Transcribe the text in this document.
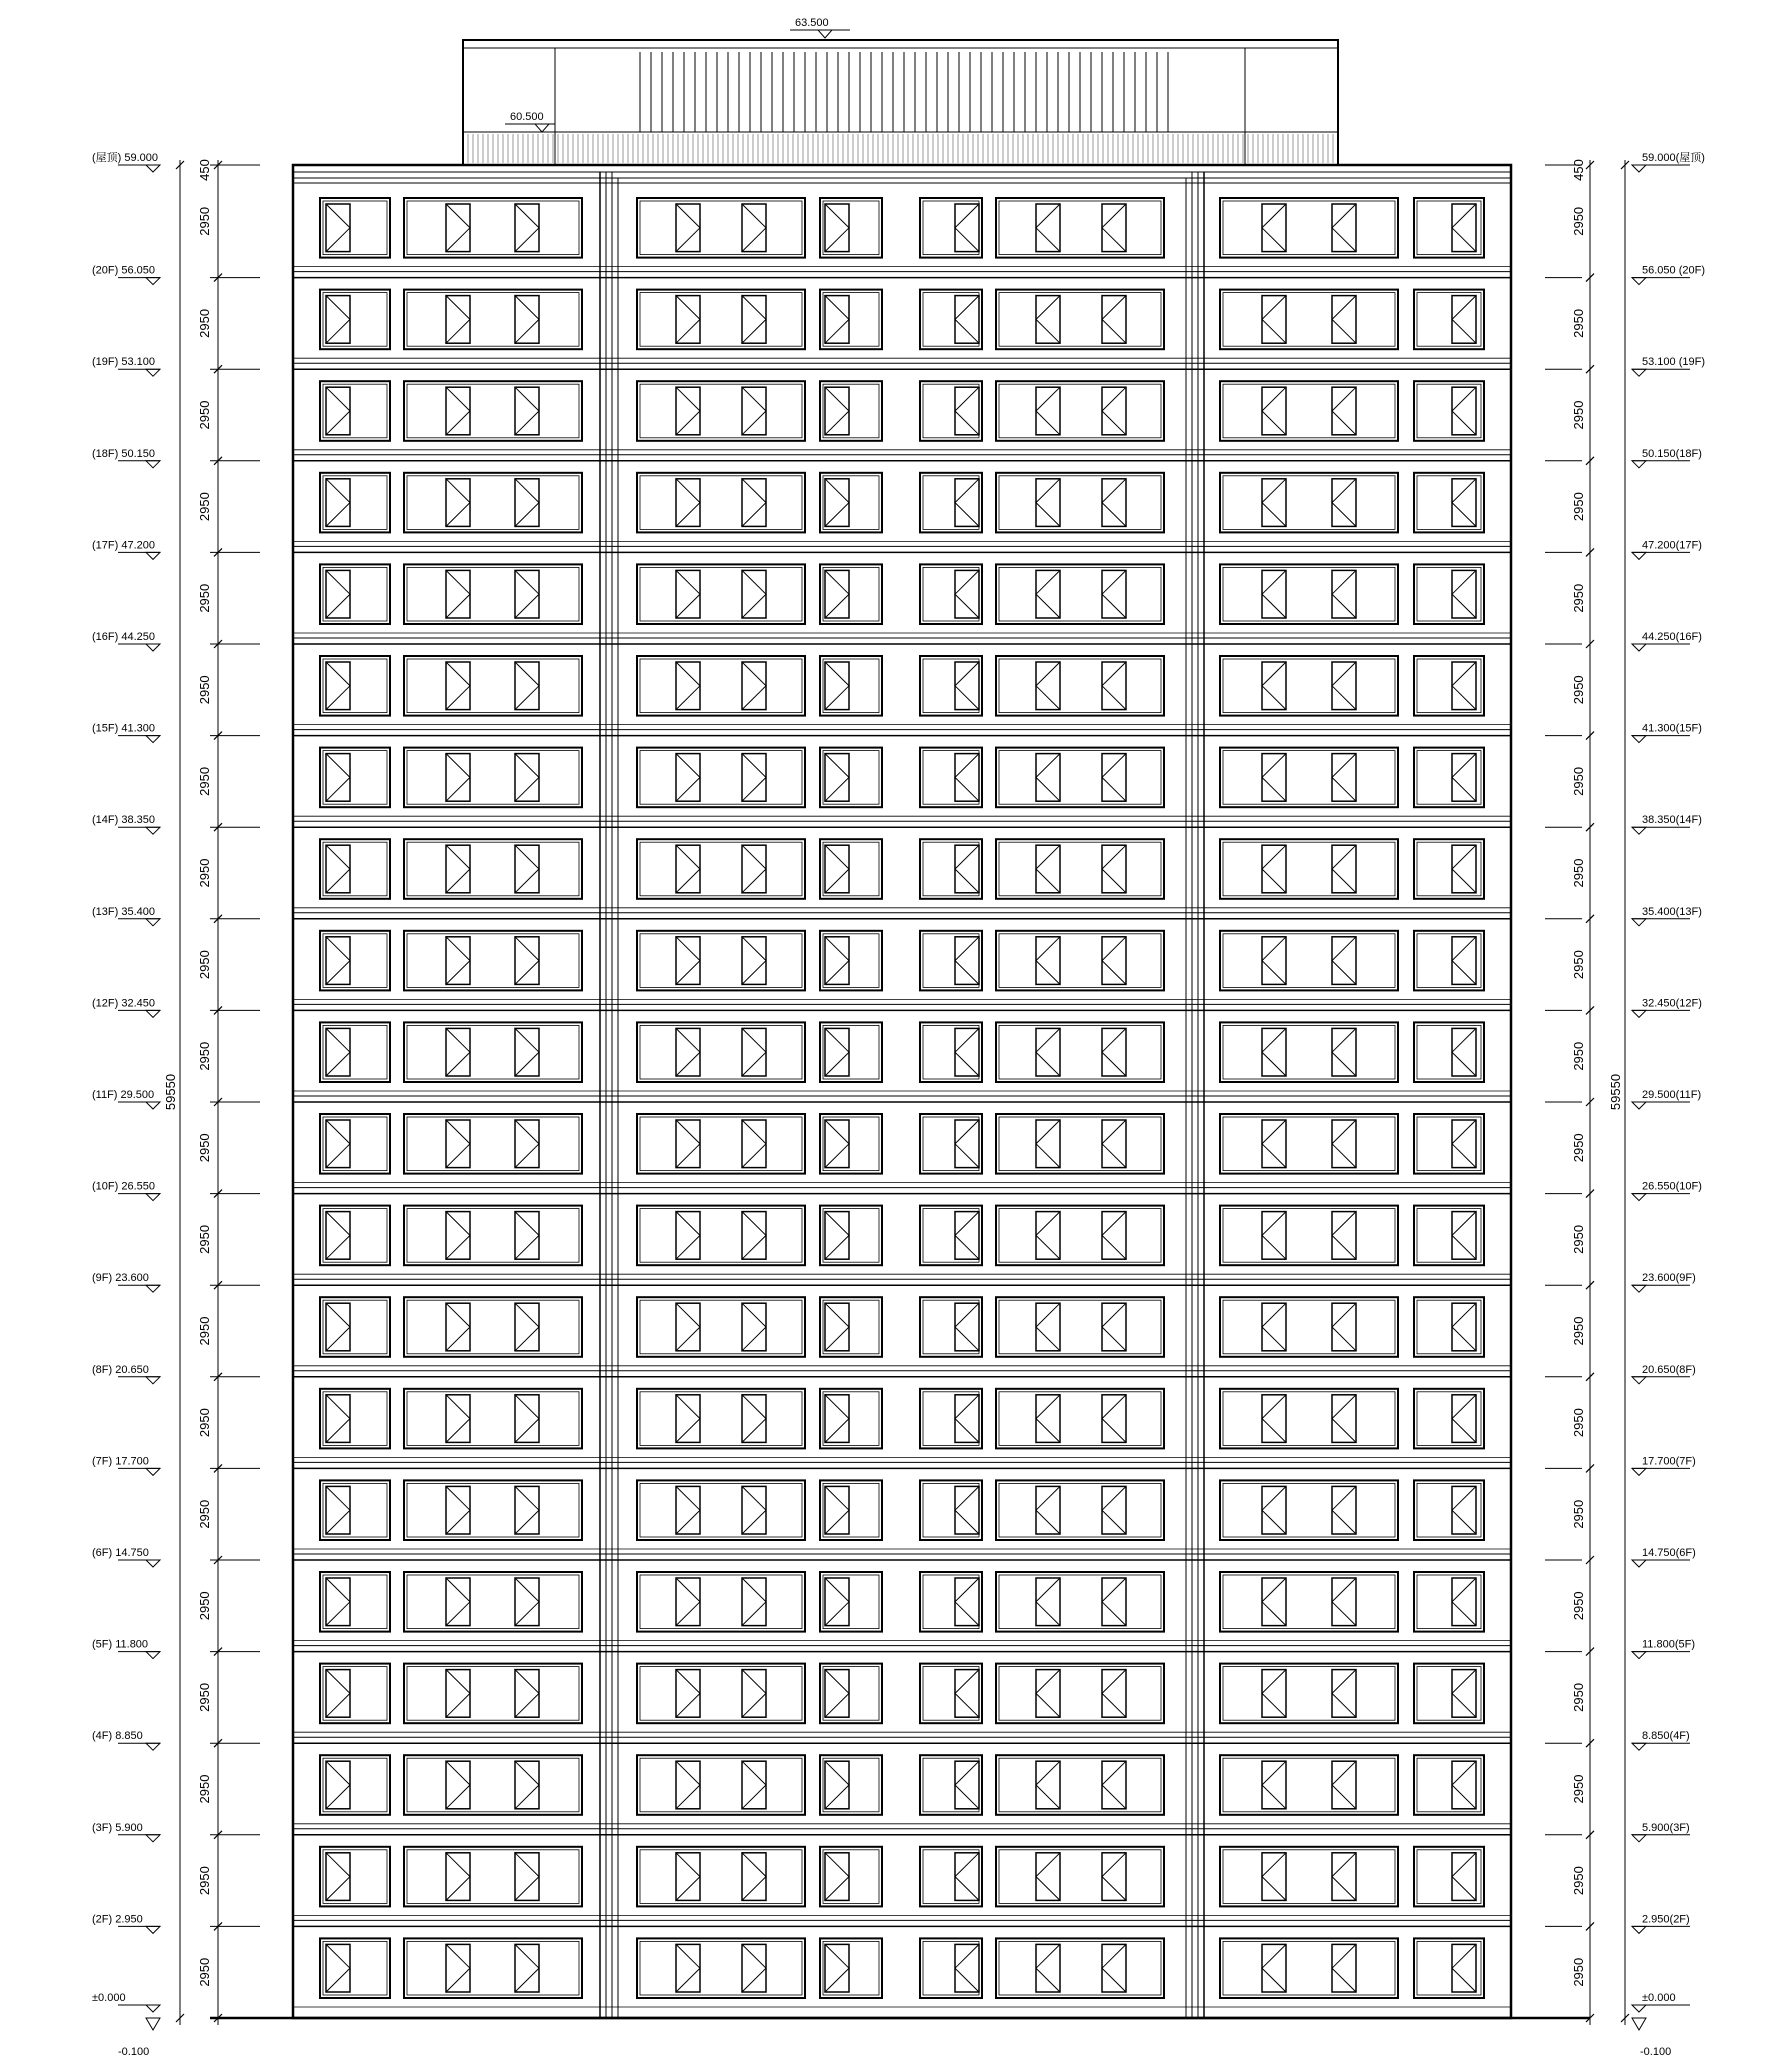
63.500
60.500
450
2950
2950
2950
2950
2950
2950
2950
2950
2950
2950
2950
2950
2950
2950
2950
2950
2950
2950
2950
2950
59550
(屋顶) 59.000
(20F) 56.050
(19F) 53.100
(18F) 50.150
(17F) 47.200
(16F) 44.250
(15F) 41.300
(14F) 38.350
(13F) 35.400
(12F) 32.450
(11F) 29.500
(10F) 26.550
(9F) 23.600
(8F) 20.650
(7F) 17.700
(6F) 14.750
(5F) 11.800
(4F) 8.850
(3F) 5.900
(2F) 2.950
±0.000
450
2950
2950
2950
2950
2950
2950
2950
2950
2950
2950
2950
2950
2950
2950
2950
2950
2950
2950
2950
2950
59550
59.000(屋顶)
56.050 (20F)
53.100 (19F)
50.150(18F)
47.200(17F)
44.250(16F)
41.300(15F)
38.350(14F)
35.400(13F)
32.450(12F)
29.500(11F)
26.550(10F)
23.600(9F)
20.650(8F)
17.700(7F)
14.750(6F)
11.800(5F)
8.850(4F)
5.900(3F)
2.950(2F)
±0.000
-0.100	-0.100
